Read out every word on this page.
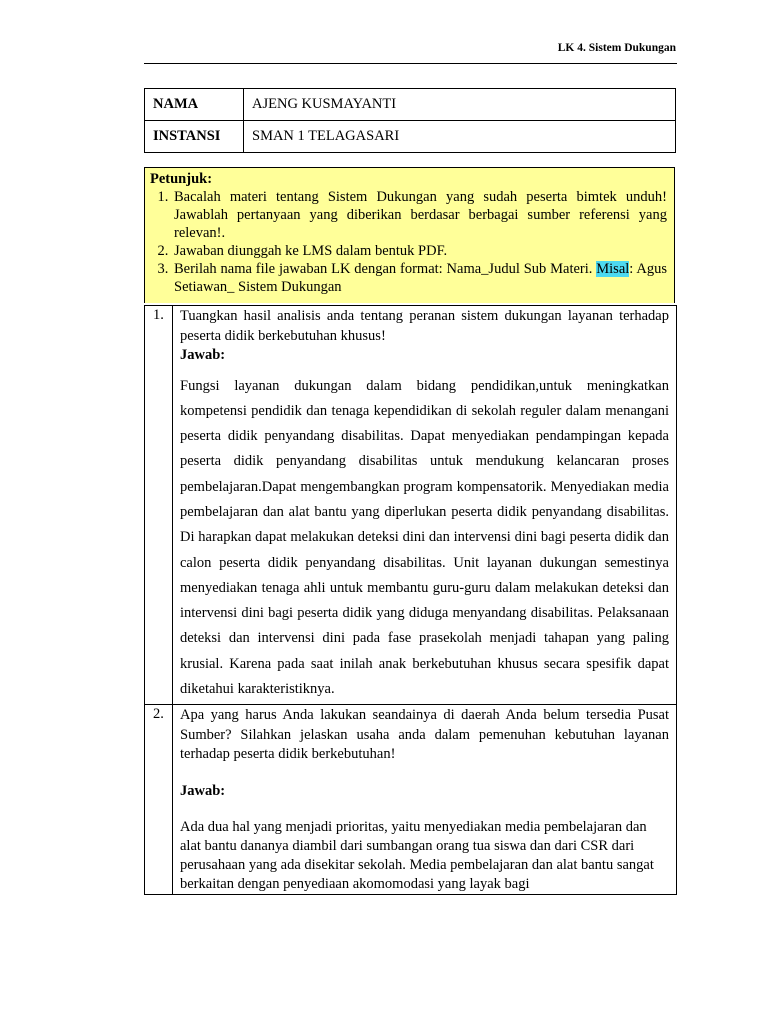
LK 4. Sistem Dukungan
NAMA	AJENG KUSMAYANTI
INSTANSI	SMAN 1 TELAGASARI
Petunjuk:
1. Bacalah materi tentang Sistem Dukungan yang sudah peserta bimtek unduh! Jawablah pertanyaan yang diberikan berdasar berbagai sumber referensi yang relevan!.
2. Jawaban diunggah ke LMS dalam bentuk PDF.
3. Berilah nama file jawaban LK dengan format: Nama_Judul Sub Materi. Misal: Agus Setiawan_ Sistem Dukungan
1.	Tuangkan hasil analisis anda tentang peranan sistem dukungan layanan terhadap peserta didik berkebutuhan khusus!
Jawab:
Fungsi layanan dukungan dalam bidang pendidikan,untuk meningkatkan kompetensi pendidik dan tenaga kependidikan di sekolah reguler dalam menangani peserta didik penyandang disabilitas. Dapat menyediakan pendampingan kepada peserta didik penyandang disabilitas untuk mendukung kelancaran proses pembelajaran.Dapat mengembangkan program kompensatorik. Menyediakan media pembelajaran dan alat bantu yang diperlukan peserta didik penyandang disabilitas. Di harapkan dapat melakukan deteksi dini dan intervensi dini bagi peserta didik dan calon peserta didik penyandang disabilitas. Unit layanan dukungan semestinya menyediakan tenaga ahli untuk membantu guru-guru dalam melakukan deteksi dan intervensi dini bagi peserta didik yang diduga menyandang disabilitas. Pelaksanaan deteksi dan intervensi dini pada fase prasekolah menjadi tahapan yang paling krusial. Karena pada saat inilah anak berkebutuhan khusus secara spesifik dapat diketahui karakteristiknya.

2.	Apa yang harus Anda lakukan seandainya di daerah Anda belum tersedia Pusat Sumber? Silahkan jelaskan usaha anda dalam pemenuhan kebutuhan layanan terhadap peserta didik berkebutuhan!
Jawab:
Ada dua hal yang menjadi prioritas, yaitu menyediakan media pembelajaran dan alat bantu dananya diambil dari sumbangan orang tua siswa dan dari CSR dari perusahaan yang ada disekitar sekolah. Media pembelajaran dan alat bantu sangat berkaitan dengan penyediaan akomomodasi yang layak bagi
